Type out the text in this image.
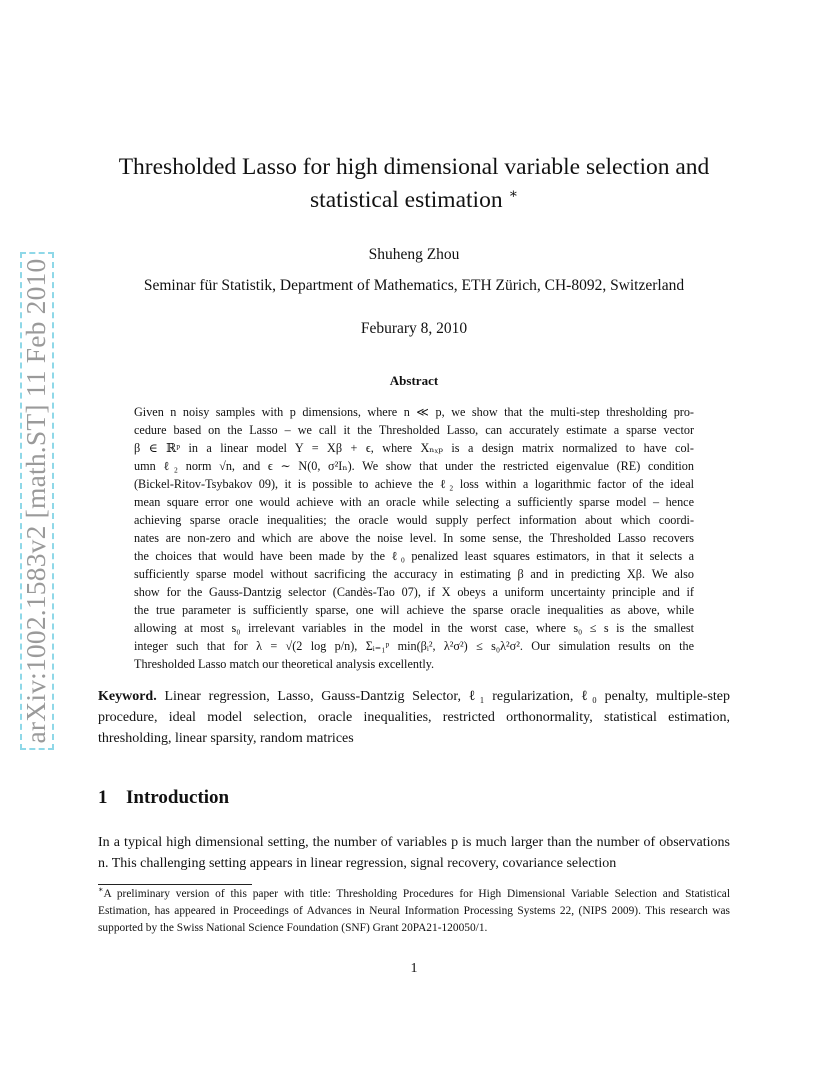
arXiv:1002.1583v2 [math.ST] 11 Feb 2010
Thresholded Lasso for high dimensional variable selection and
statistical estimation ∗
Shuheng Zhou
Seminar für Statistik, Department of Mathematics, ETH Zürich, CH-8092, Switzerland
Feburary 8, 2010
Abstract
Given n noisy samples with p dimensions, where n ≪ p, we show that the multi-step thresholding pro-
cedure based on the Lasso – we call it the Thresholded Lasso, can accurately estimate a sparse vector
β ∈ ℝᵖ in a linear model Y = Xβ + ϵ, where Xₙₓₚ is a design matrix normalized to have col-
umn ℓ₂ norm √n, and ϵ ∼ N(0, σ²Iₙ). We show that under the restricted eigenvalue (RE) condition
(Bickel-Ritov-Tsybakov 09), it is possible to achieve the ℓ₂ loss within a logarithmic factor of the ideal
mean square error one would achieve with an oracle while selecting a sufficiently sparse model – hence
achieving sparse oracle inequalities; the oracle would supply perfect information about which coordi-
nates are non-zero and which are above the noise level. In some sense, the Thresholded Lasso recovers
the choices that would have been made by the ℓ₀ penalized least squares estimators, in that it selects a
sufficiently sparse model without sacrificing the accuracy in estimating β and in predicting Xβ. We also
show for the Gauss-Dantzig selector (Candès-Tao 07), if X obeys a uniform uncertainty principle and if
the true parameter is sufficiently sparse, one will achieve the sparse oracle inequalities as above, while
allowing at most s₀ irrelevant variables in the model in the worst case, where s₀ ≤ s is the smallest
integer such that for λ = √(2 log p/n), Σᵢ₌₁ᵖ min(βᵢ², λ²σ²) ≤ s₀λ²σ². Our simulation results on the
Thresholded Lasso match our theoretical analysis excellently.
Keyword. Linear regression, Lasso, Gauss-Dantzig Selector, ℓ₁ regularization, ℓ₀ penalty, multiple-step procedure, ideal model selection, oracle inequalities, restricted orthonormality, statistical estimation, thresholding, linear sparsity, random matrices
1 Introduction
In a typical high dimensional setting, the number of variables p is much larger than the number of observations n. This challenging setting appears in linear regression, signal recovery, covariance selection
∗A preliminary version of this paper with title: Thresholding Procedures for High Dimensional Variable Selection and Statistical Estimation, has appeared in Proceedings of Advances in Neural Information Processing Systems 22, (NIPS 2009). This research was supported by the Swiss National Science Foundation (SNF) Grant 20PA21-120050/1.
1
